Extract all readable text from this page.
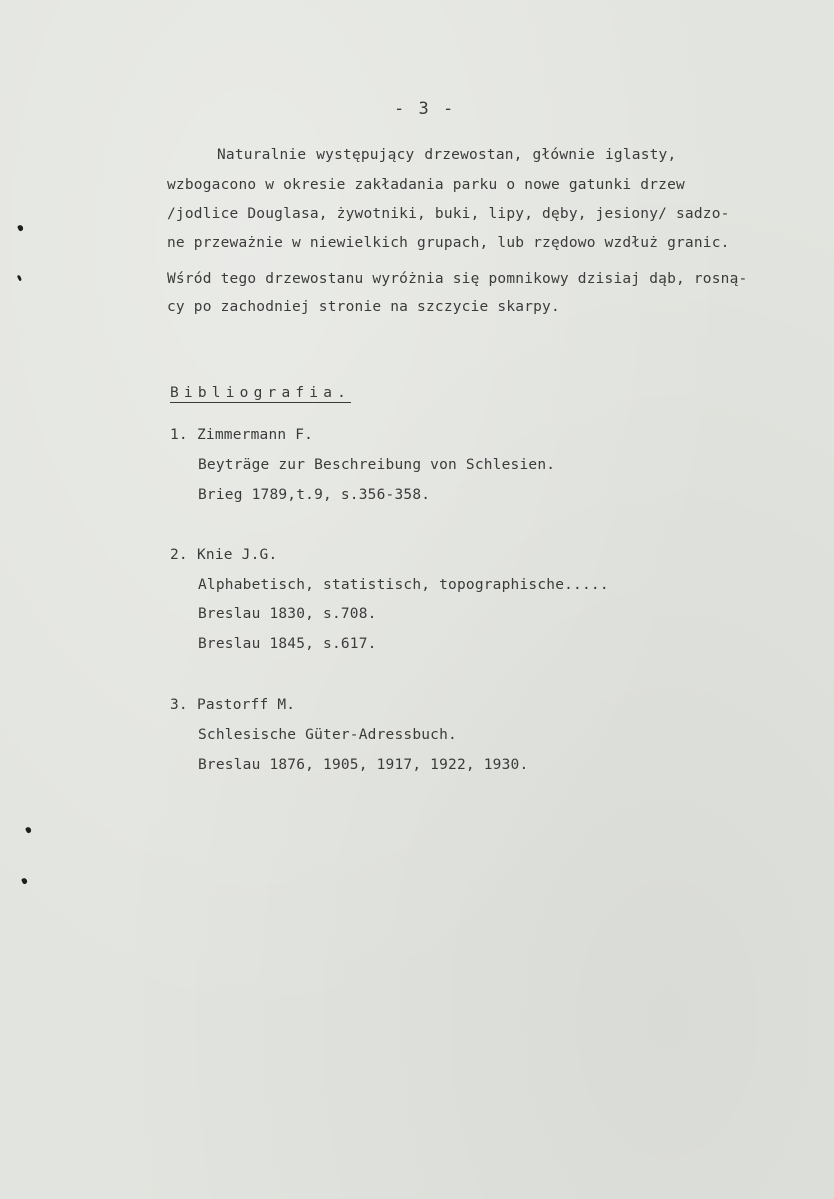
- 3 -
Naturalnie występujący drzewostan, głównie iglasty,
wzbogacono w okresie zakładania parku o nowe gatunki drzew
/jodlice Douglasa, żywotniki, buki, lipy, dęby, jesiony/ sadzo-
ne przeważnie w niewielkich grupach, lub rzędowo wzdłuż granic.
Wśród tego drzewostanu wyróżnia się pomnikowy dzisiaj dąb, rosną-
cy po zachodniej stronie na szczycie skarpy.
Bibliografia.
1. Zimmermann F.
Beyträge zur Beschreibung von Schlesien.
Brieg 1789,t.9, s.356-358.
2. Knie J.G.
Alphabetisch, statistisch, topographische.....
Breslau 1830, s.708.
Breslau 1845, s.617.
3. Pastorff M.
Schlesische Güter-Adressbuch.
Breslau 1876, 1905, 1917, 1922, 1930.
